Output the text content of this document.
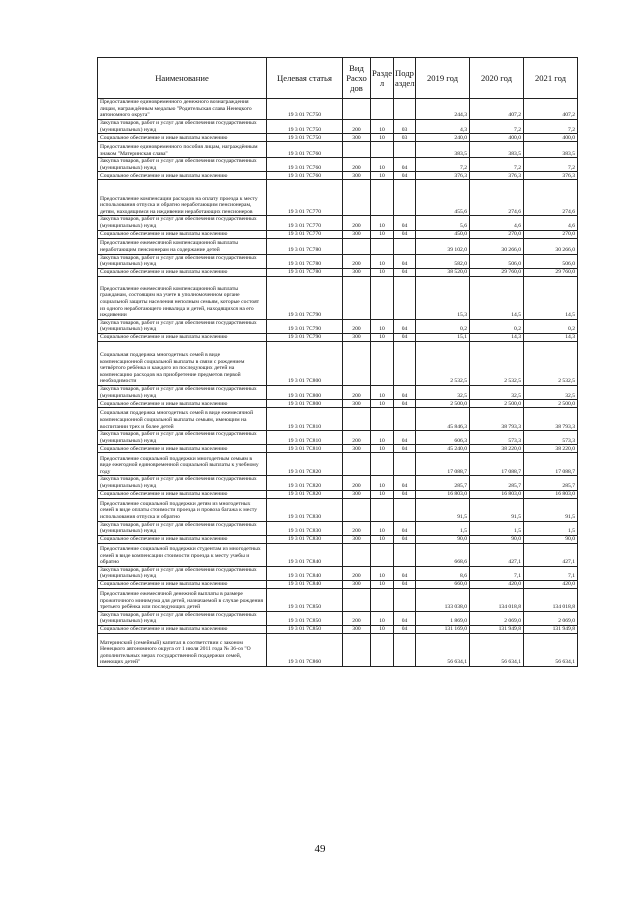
Наименование	Целевая статья	Вид Расхо дов	Разде л	Подр аздел	2019 год	2020 год	2021 год
Предоставление единовременного денежного вознаграждения лицам, награждённым медалью "Родительская слава Ненецкого автономного округа"	19 3 01 7С750				244,3	407,2	407,2
Закупка товаров, работ и услуг для обеспечения государственных (муниципальных) нужд	19 3 01 7С750	200	10	03	4,3	7,2	7,2
Социальное обеспечение и иные выплаты населению	19 3 01 7С750	300	10	03	240,0	400,0	400,0
Предоставление единовременного пособия лицам, награждённым знаком "Материнская слава"	19 3 01 7С760				383,5	383,5	383,5
Закупка товаров, работ и услуг для обеспечения государственных (муниципальных) нужд	19 3 01 7С760	200	10	04	7,2	7,2	7,2
Социальное обеспечение и иные выплаты населению	19 3 01 7С760	300	10	04	376,3	376,3	376,3
Предоставление компенсации расходов на оплату проезда к месту использования отпуска и обратно неработающим пенсионерам, детям, находящимся на иждивении неработающих пенсионеров	19 3 01 7С770				455,6	274,6	274,6
Закупка товаров, работ и услуг для обеспечения государственных (муниципальных) нужд	19 3 01 7С770	200	10	04	5,6	4,6	4,6
Социальное обеспечение и иные выплаты населению	19 3 01 7С770	300	10	04	450,0	270,0	270,0
Предоставление ежемесячной компенсационной выплаты неработающим пенсионерам на содержание детей	19 3 01 7С780				39 102,0	30 266,0	30 266,0
Закупка товаров, работ и услуг для обеспечения государственных (муниципальных) нужд	19 3 01 7С780	200	10	04	582,0	506,0	506,0
Социальное обеспечение и иные выплаты населению	19 3 01 7С780	300	10	04	38 520,0	29 760,0	29 760,0
Предоставление ежемесячной компенсационной выплаты гражданам, состоящим на учете в уполномоченном органе социальной защиты населения неполным семьям, которые состоят из одного неработающего инвалида и детей, находящихся на его иждивении	19 3 01 7С790				15,3	14,5	14,5
Закупка товаров, работ и услуг для обеспечения государственных (муниципальных) нужд	19 3 01 7С790	200	10	04	0,2	0,2	0,2
Социальное обеспечение и иные выплаты населению	19 3 01 7С790	300	10	04	15,1	14,3	14,3
Социальная поддержка многодетных семей в виде компенсационной социальной выплаты в связи с рождением четвёртого ребёнка и каждого из последующих детей на компенсацию расходов на приобретение предметов первой необходимости	19 3 01 7С800				2 532,5	2 532,5	2 532,5
Закупка товаров, работ и услуг для обеспечения государственных (муниципальных) нужд	19 3 01 7С800	200	10	04	32,5	32,5	32,5
Социальное обеспечение и иные выплаты населению	19 3 01 7С800	300	10	04	2 500,0	2 500,0	2 500,0
Социальная поддержка многодетных семей в виде ежемесячной компенсационной социальной выплаты семьям, имеющим на воспитании трех и более детей	19 3 01 7С810				45 846,3	38 793,3	38 793,3
Закупка товаров, работ и услуг для обеспечения государственных (муниципальных) нужд	19 3 01 7С810	200	10	04	606,3	573,3	573,3
Социальное обеспечение и иные выплаты населению	19 3 01 7С810	300	10	04	45 240,0	38 220,0	38 220,0
Предоставление социальной поддержки многодетным семьям в виде ежегодной единовременной социальной выплаты к учебному году	19 3 01 7С820				17 088,7	17 088,7	17 088,7
Закупка товаров, работ и услуг для обеспечения государственных (муниципальных) нужд	19 3 01 7С820	200	10	04	285,7	285,7	285,7
Социальное обеспечение и иные выплаты населению	19 3 01 7С820	300	10	04	16 803,0	16 803,0	16 803,0
Предоставление социальной поддержки детям из многодетных семей в виде оплаты стоимости проезда и провоза багажа к месту использования отпуска и обратно	19 3 01 7С830				91,5	91,5	91,5
Закупка товаров, работ и услуг для обеспечения государственных (муниципальных) нужд	19 3 01 7С830	200	10	04	1,5	1,5	1,5
Социальное обеспечение и иные выплаты населению	19 3 01 7С830	300	10	04	90,0	90,0	90,0
Предоставление социальной поддержки студентам из многодетных семей в виде компенсации стоимости проезда к месту учебы и обратно	19 3 01 7С840				668,6	427,1	427,1
Закупка товаров, работ и услуг для обеспечения государственных (муниципальных) нужд	19 3 01 7С840	200	10	04	8,6	7,1	7,1
Социальное обеспечение и иные выплаты населению	19 3 01 7С840	300	10	04	660,0	420,0	420,0
Предоставление ежемесячной денежной выплаты в размере прожиточного минимума для детей, назначаемой в случае рождения третьего ребёнка или последующих детей	19 3 01 7С850				133 038,0	134 018,8	134 018,8
Закупка товаров, работ и услуг для обеспечения государственных (муниципальных) нужд	19 3 01 7С850	200	10	04	1 869,0	2 069,0	2 069,0
Социальное обеспечение и иные выплаты населению	19 3 01 7С850	300	10	04	131 169,0	131 949,8	131 949,8
Материнский (семейный) капитал в соответствии с законом Ненецкого автономного округа от 1 июля 2011 года № 36-оз "О дополнительных мерах государственной поддержки семей, имеющих детей"	19 3 01 7С860				56 634,1	56 634,1	56 634,1
49
